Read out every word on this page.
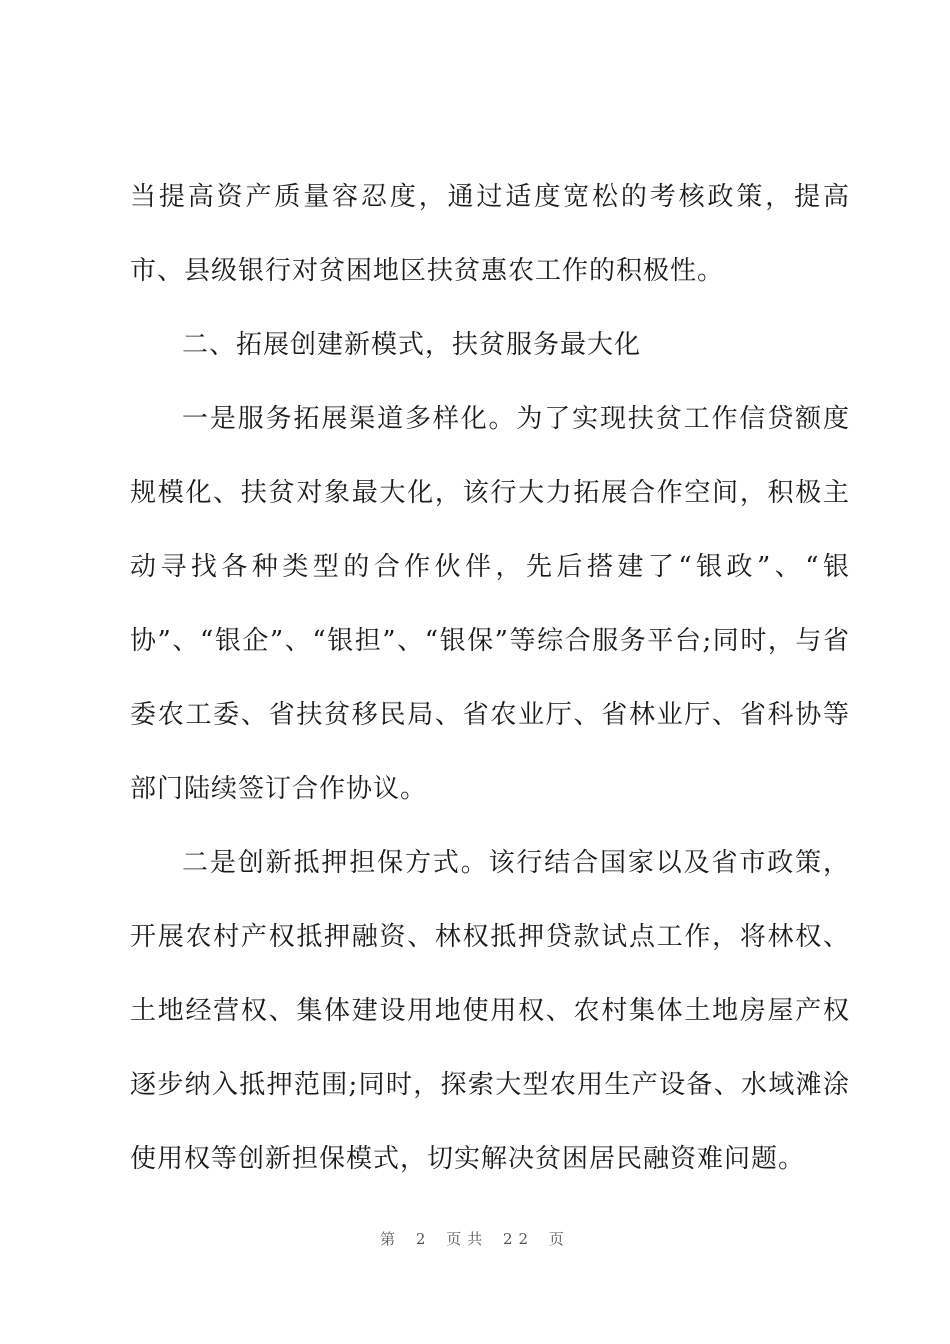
当提高资产质量容忍度，通过适度宽松的考核政策，提高市、县级银行对贫困地区扶贫惠农工作的积极性。

二、拓展创建新模式，扶贫服务最大化

一是服务拓展渠道多样化。为了实现扶贫工作信贷额度规模化、扶贫对象最大化，该行大力拓展合作空间，积极主动寻找各种类型的合作伙伴，先后搭建了“银政”、“银协”、“银企”、“银担”、“银保”等综合服务平台;同时，与省委农工委、省扶贫移民局、省农业厅、省林业厅、省科协等部门陆续签订合作协议。

二是创新抵押担保方式。该行结合国家以及省市政策，开展农村产权抵押融资、林权抵押贷款试点工作，将林权、土地经营权、集体建设用地使用权、农村集体土地房屋产权逐步纳入抵押范围;同时，探索大型农用生产设备、水域滩涂使用权等创新担保模式，切实解决贫困居民融资难问题。

第 2 页共 22 页
